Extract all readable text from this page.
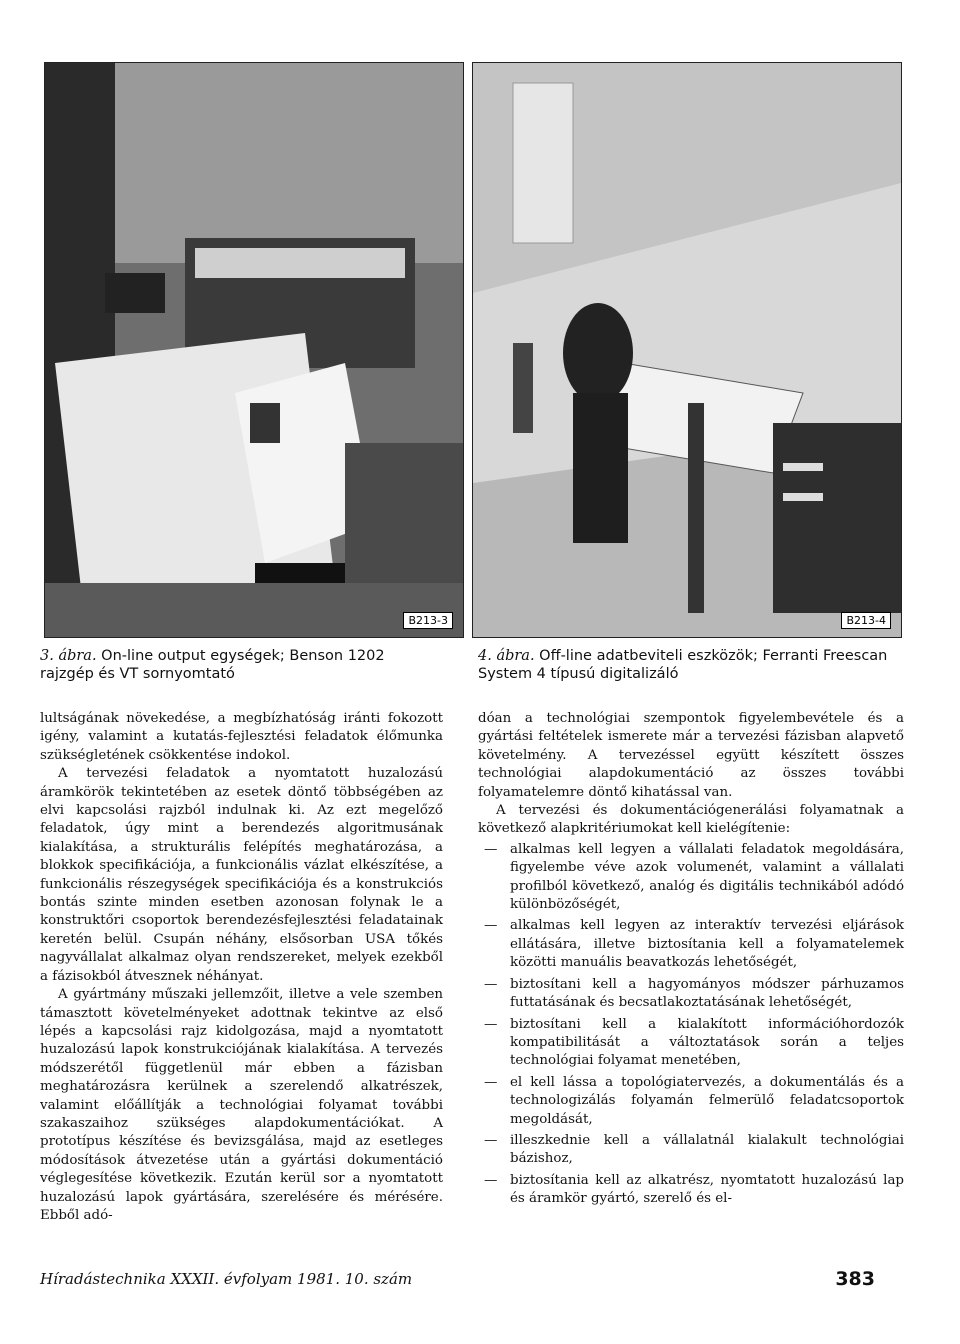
B213-3	B213-4
3. ábra. On-line output egységek; Benson 1202 rajzgép és VT sornyomtató
4. ábra. Off-line adatbeviteli eszközök; Ferranti Freescan System 4 típusú digitalizáló

lultságának növekedése, a megbízhatóság iránti fokozott igény, valamint a kutatás-fejlesztési feladatok élőmunka szükségletének csökkentése indokol.

A tervezési feladatok a nyomtatott huzalozású áramkörök tekintetében az esetek döntő többségében az elvi kapcsolási rajzból indulnak ki. Az ezt megelőző feladatok, úgy mint a berendezés algoritmusának kialakítása, a strukturális felépítés meghatározása, a blokkok specifikációja, a funkcionális vázlat elkészítése, a funkcionális részegységek specifikációja és a konstrukciós bontás szinte minden esetben azonosan folynak le a konstruktőri csoportok berendezésfejlesztési feladatainak keretén belül. Csupán néhány, elsősorban USA tőkés nagyvállalat alkalmaz olyan rendszereket, melyek ezekből a fázisokból átvesznek néhányat.

A gyártmány műszaki jellemzőit, illetve a vele szemben támasztott követelményeket adottnak tekintve az első lépés a kapcsolási rajz kidolgozása, majd a nyomtatott huzalozású lapok konstrukciójának kialakítása. A tervezés módszerétől függetlenül már ebben a fázisban meghatározásra kerülnek a szerelendő alkatrészek, valamint előállítják a technológiai folyamat további szakaszaihoz szükséges alapdokumentációkat. A prototípus készítése és bevizsgálása, majd az esetleges módosítások átvezetése után a gyártási dokumentáció véglegesítése következik. Ezután kerül sor a nyomtatott huzalozású lapok gyártására, szerelésére és mérésére. Ebből adó-

dóan a technológiai szempontok figyelembevétele és a gyártási feltételek ismerete már a tervezési fázisban alapvető követelmény. A tervezéssel együtt készített összes technológiai alapdokumentáció az összes további folyamatelemre döntő kihatással van.

A tervezési és dokumentációgenerálási folyamatnak a következő alapkritériumokat kell kielégítenie:

— alkalmas kell legyen a vállalati feladatok megoldására, figyelembe véve azok volumenét, valamint a vállalati profilból következő, analóg és digitális technikából adódó különbözőségét,
— alkalmas kell legyen az interaktív tervezési eljárások ellátására, illetve biztosítania kell a folyamatelemek közötti manuális beavatkozás lehetőségét,
— biztosítani kell a hagyományos módszer párhuzamos futtatásának és becsatlakoztatásának lehetőségét,
— biztosítani kell a kialakított információhordozók kompatibilitását a változtatások során a teljes technológiai folyamat menetében,
— el kell lássa a topológiatervezés, a dokumentálás és a technologizálás folyamán felmerülő feladatcsoportok megoldását,
— illeszkednie kell a vállalatnál kialakult technológiai bázishoz,
— biztosítania kell az alkatrész, nyomtatott huzalozású lap és áramkör gyártó, szerelő és el-
Híradástechnika XXXII. évfolyam 1981. 10. szám	383
